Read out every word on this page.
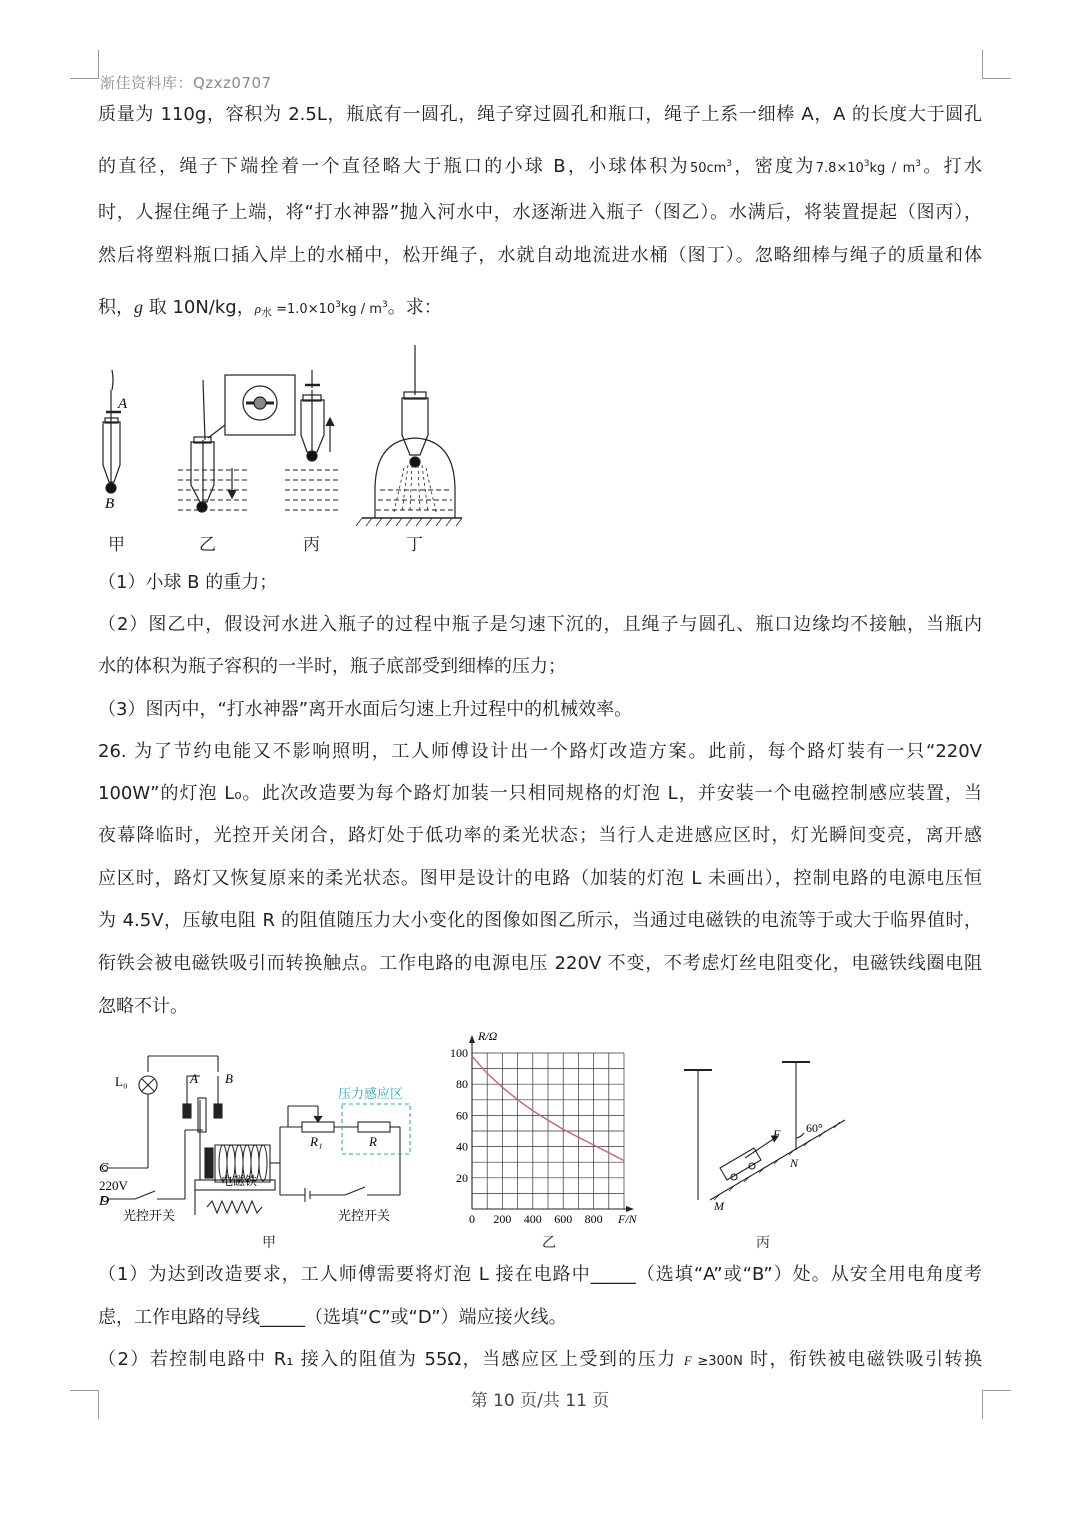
渐佳资料库：Qzxz0707
质量为 110g，容积为 2.5L，瓶底有一圆孔，绳子穿过圆孔和瓶口，绳子上系一细棒 A，A 的长度大于圆孔
的直径，绳子下端拴着一个直径略大于瓶口的小球 B，小球体积为$50cm^3$，密度为$7.8\times 10^3kg / m^3$。打水
时，人握住绳子上端，将“打水神器”抛入河水中，水逐渐进入瓶子（图乙）。水满后，将装置提起（图丙），
然后将塑料瓶口插入岸上的水桶中，松开绳子，水就自动地流进水桶（图丁）。忽略细棒与绳子的质量和体
积，g 取 10N/kg，$\rho_水 =1.0\times 10^3kg / m^3$。求：
A
B
甲	乙	丙	丁
（1）小球 B 的重力；
（2）图乙中，假设河水进入瓶子的过程中瓶子是匀速下沉的，且绳子与圆孔、瓶口边缘均不接触，当瓶内
水的体积为瓶子容积的一半时，瓶子底部受到细棒的压力；
（3）图丙中，“打水神器”离开水面后匀速上升过程中的机械效率。
26. 为了节约电能又不影响照明，工人师傅设计出一个路灯改造方案。此前，每个路灯装有一只“220V
100W”的灯泡 L₀。此次改造要为每个路灯加装一只相同规格的灯泡 L，并安装一个电磁控制感应装置，当
夜幕降临时，光控开关闭合，路灯处于低功率的柔光状态；当行人走进感应区时，灯光瞬间变亮，离开感
应区时，路灯又恢复原来的柔光状态。图甲是设计的电路（加装的灯泡 L 未画出），控制电路的电源电压恒
为 4.5V，压敏电阻 R 的阻值随压力大小变化的图像如图乙所示，当通过电磁铁的电流等于或大于临界值时，
衔铁会被电磁铁吸引而转换触点。工作电路的电源电压 220V 不变，不考虑灯丝电阻变化，电磁铁线圈电阻
忽略不计。
L₀	A B
C
220V
D
光控开关
电磁铁
压力感应区
R₁	R
光控开关
甲
0 200 400 600 800
20
40
60
80
100
R/Ω
F/N
乙
F
N
M
60°
丙
（1）为达到改造要求，工人师傅需要将灯泡 L 接在电路中_____（选填“A”或“B”）处。从安全用电角度考
虑，工作电路的导线_____（选填“C”或“D”）端应接火线。
（2）若控制电路中 R₁ 接入的阻值为 55Ω，当感应区上受到的压力 F ≥300N 时，衔铁被电磁铁吸引转换
第 10 页/共 11 页
